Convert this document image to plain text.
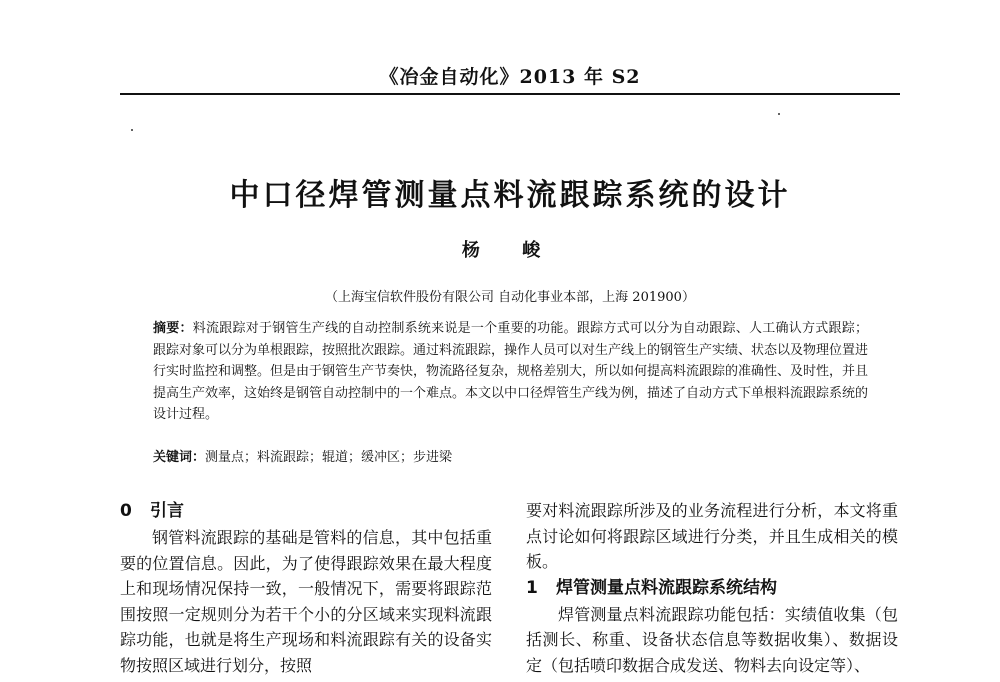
《冶金自动化》2013 年 S2
中口径焊管测量点料流跟踪系统的设计
杨 峻
（上海宝信软件股份有限公司 自动化事业本部，上海 201900）
摘要：料流跟踪对于钢管生产线的自动控制系统来说是一个重要的功能。跟踪方式可以分为自动跟踪、人工确认方式跟踪；跟踪对象可以分为单根跟踪，按照批次跟踪。通过料流跟踪，操作人员可以对生产线上的钢管生产实绩、状态以及物理位置进行实时监控和调整。但是由于钢管生产节奏快，物流路径复杂，规格差别大，所以如何提高料流跟踪的准确性、及时性，并且提高生产效率，这始终是钢管自动控制中的一个难点。本文以中口径焊管生产线为例，描述了自动方式下单根料流跟踪系统的设计过程。
关键词：测量点；料流跟踪；辊道；缓冲区；步进梁
0 引言

钢管料流跟踪的基础是管料的信息，其中包括重要的位置信息。因此，为了使得跟踪效果在最大程度上和现场情况保持一致，一般情况下，需要将跟踪范围按照一定规则分为若干个小的分区域来实现料流跟踪功能，也就是将生产现场和料流跟踪有关的设备实物按照区域进行划分，按照

要对料流跟踪所涉及的业务流程进行分析，本文将重点讨论如何将跟踪区域进行分类，并且生成相关的模板。

1 焊管测量点料流跟踪系统结构

焊管测量点料流跟踪功能包括：实绩值收集（包括测长、称重、设备状态信息等数据收集）、数据设定（包括喷印数据合成发送、物料去向设定等）、
